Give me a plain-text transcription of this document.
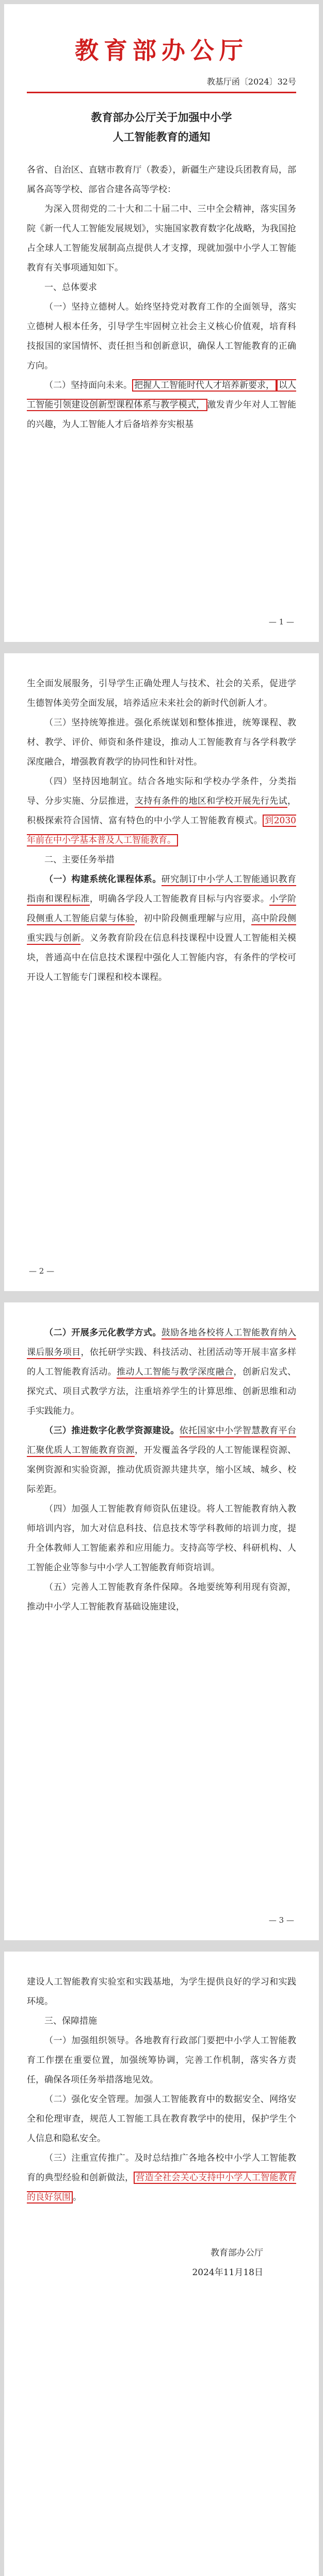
教育部办公厅
教基厅函〔2024〕32号

教育部办公厅关于加强中小学

人工智能教育的通知

各省、自治区、直辖市教育厅（教委），新疆生产建设兵团教育局，部属各高等学校、部省合建各高等学校：

为深入贯彻党的二十大和二十届二中、三中全会精神，落实国务院《新一代人工智能发展规划》，实施国家教育数字化战略，为我国抢占全球人工智能发展制高点提供人才支撑，现就加强中小学人工智能教育有关事项通知如下。

一、总体要求

（一）坚持立德树人。始终坚持党对教育工作的全面领导，落实立德树人根本任务，引导学生牢固树立社会主义核心价值观，培育科技报国的家国情怀、责任担当和创新意识，确保人工智能教育的正确方向。

（二）坚持面向未来。 把握人工智能时代人才培养新要求， 以人工智能引领建设创新型课程体系与教学模式， 激发青少年对人工智能的兴趣，为人工智能人才后备培养夯实根基

— 1 —

生全面发展服务，引导学生正确处理人与技术、社会的关系，促进学生德智体美劳全面发展，培养适应未来社会的新时代创新人才。

（三）坚持统筹推进。强化系统谋划和整体推进，统筹课程、教材、教学、评价、师资和条件建设，推动人工智能教育与各学科教学深度融合，增强教育教学的协同性和针对性。

（四）坚持因地制宜。结合各地实际和学校办学条件，分类指导、分步实施、分层推进，支持有条件的地区和学校开展先行先试，积极探索符合国情、富有特色的中小学人工智能教育模式。 到2030年前在中小学基本普及人工智能教育。

二、主要任务举措

（一）构建系统化课程体系。研究制订中小学人工智能通识教育指南和课程标准，明确各学段人工智能教育目标与内容要求。小学阶段侧重人工智能启蒙与体验，初中阶段侧重理解与应用，高中阶段侧重实践与创新。义务教育阶段在信息科技课程中设置人工智能相关模块，普通高中在信息技术课程中强化人工智能内容，有条件的学校可开设人工智能专门课程和校本课程。

— 2 —

（二）开展多元化教学方式。鼓励各地各校将人工智能教育纳入课后服务项目，依托研学实践、科技活动、社团活动等开展丰富多样的人工智能教育活动。推动人工智能与教学深度融合，创新启发式、探究式、项目式教学方法，注重培养学生的计算思维、创新思维和动手实践能力。

（三）推进数字化教学资源建设。依托国家中小学智慧教育平台汇聚优质人工智能教育资源，开发覆盖各学段的人工智能课程资源、案例资源和实验资源，推动优质资源共建共享，缩小区域、城乡、校际差距。

（四）加强人工智能教育师资队伍建设。将人工智能教育纳入教师培训内容，加大对信息科技、信息技术等学科教师的培训力度，提升全体教师人工智能素养和应用能力。支持高等学校、科研机构、人工智能企业等参与中小学人工智能教育师资培训。

（五）完善人工智能教育条件保障。各地要统筹利用现有资源，推动中小学人工智能教育基础设施建设，

— 3 —

建设人工智能教育实验室和实践基地，为学生提供良好的学习和实践环境。

三、保障措施

（一）加强组织领导。各地教育行政部门要把中小学人工智能教育工作摆在重要位置，加强统筹协调，完善工作机制，落实各方责任，确保各项任务举措落地见效。

（二）强化安全管理。加强人工智能教育中的数据安全、网络安全和伦理审查，规范人工智能工具在教育教学中的使用，保护学生个人信息和隐私安全。

（三）注重宣传推广。及时总结推广各地各校中小学人工智能教育的典型经验和创新做法， 营造全社会关心支持中小学人工智能教育的良好氛围 。

教育部办公厅

2024年11月18日
